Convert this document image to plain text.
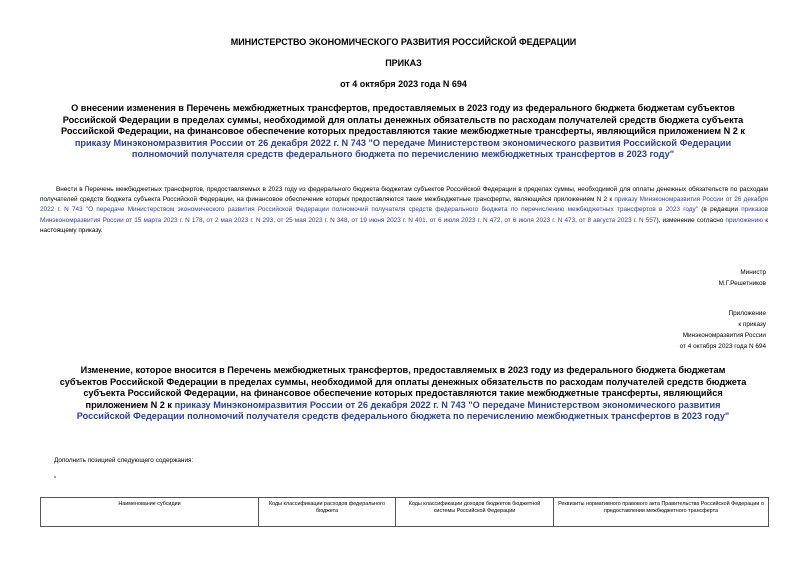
МИНИСТЕРСТВО ЭКОНОМИЧЕСКОГО РАЗВИТИЯ РОССИЙСКОЙ ФЕДЕРАЦИИ
ПРИКАЗ
от 4 октября 2023 года N 694
О внесении изменения в Перечень межбюджетных трансфертов, предоставляемых в 2023 году из федерального бюджета бюджетам субъектов Российской Федерации в пределах суммы, необходимой для оплаты денежных обязательств по расходам получателей средств бюджета субъекта Российской Федерации, на финансовое обеспечение которых предоставляются такие межбюджетные трансферты, являющийся приложением N 2 к приказу Минэкономразвития России от 26 декабря 2022 г. N 743 "О передаче Министерством экономического развития Российской Федерации полномочий получателя средств федерального бюджета по перечислению межбюджетных трансфертов в 2023 году"
Внести в Перечень межбюджетных трансфертов, предоставляемых в 2023 году из федерального бюджета бюджетам субъектов Российской Федерации в пределах суммы, необходимой для оплаты денежных обязательств по расходам получателей средств бюджета субъекта Российской Федерации, на финансовое обеспечение которых предоставляются такие межбюджетные трансферты, являющийся приложением N 2 к приказу Минэкономразвития России от 26 декабря 2022 г. N 743 "О передаче Министерством экономического развития Российской Федерации полномочий получателя средств федерального бюджета по перечислению межбюджетных трансфертов в 2023 году" (в редакции приказов Минэкономразвития России от 15 марта 2023 г. N 178, от 2 мая 2023 г. N 293, от 25 мая 2023 г. N 348, от 19 июня 2023 г. N 401, от 6 июля 2023 г. N 472, от 6 июля 2023 г. N 473, от 8 августа 2023 г. N 557), изменение согласно приложению к настоящему приказу.
Министр
М.Г.Решетников
Приложение
к приказу
Минэкономразвития России
от 4 октября 2023 года N 694
Изменение, которое вносится в Перечень межбюджетных трансфертов, предоставляемых в 2023 году из федерального бюджета бюджетам субъектов Российской Федерации в пределах суммы, необходимой для оплаты денежных обязательств по расходам получателей средств бюджета субъекта Российской Федерации, на финансовое обеспечение которых предоставляются такие межбюджетные трансферты, являющийся приложением N 2 к приказу Минэкономразвития России от 26 декабря 2022 г. N 743 "О передаче Министерством экономического развития Российской Федерации полномочий получателя средств федерального бюджета по перечислению межбюджетных трансфертов в 2023 году"
Дополнить позицией следующего содержания:
"
Наименование субсидии	Коды классификации расходов федерального бюджета	Коды классификации доходов бюджетов бюджетной системы Российской Федерации	Реквизиты нормативного правового акта Правительства Российской Федерации о предоставлении межбюджетного трансферта
